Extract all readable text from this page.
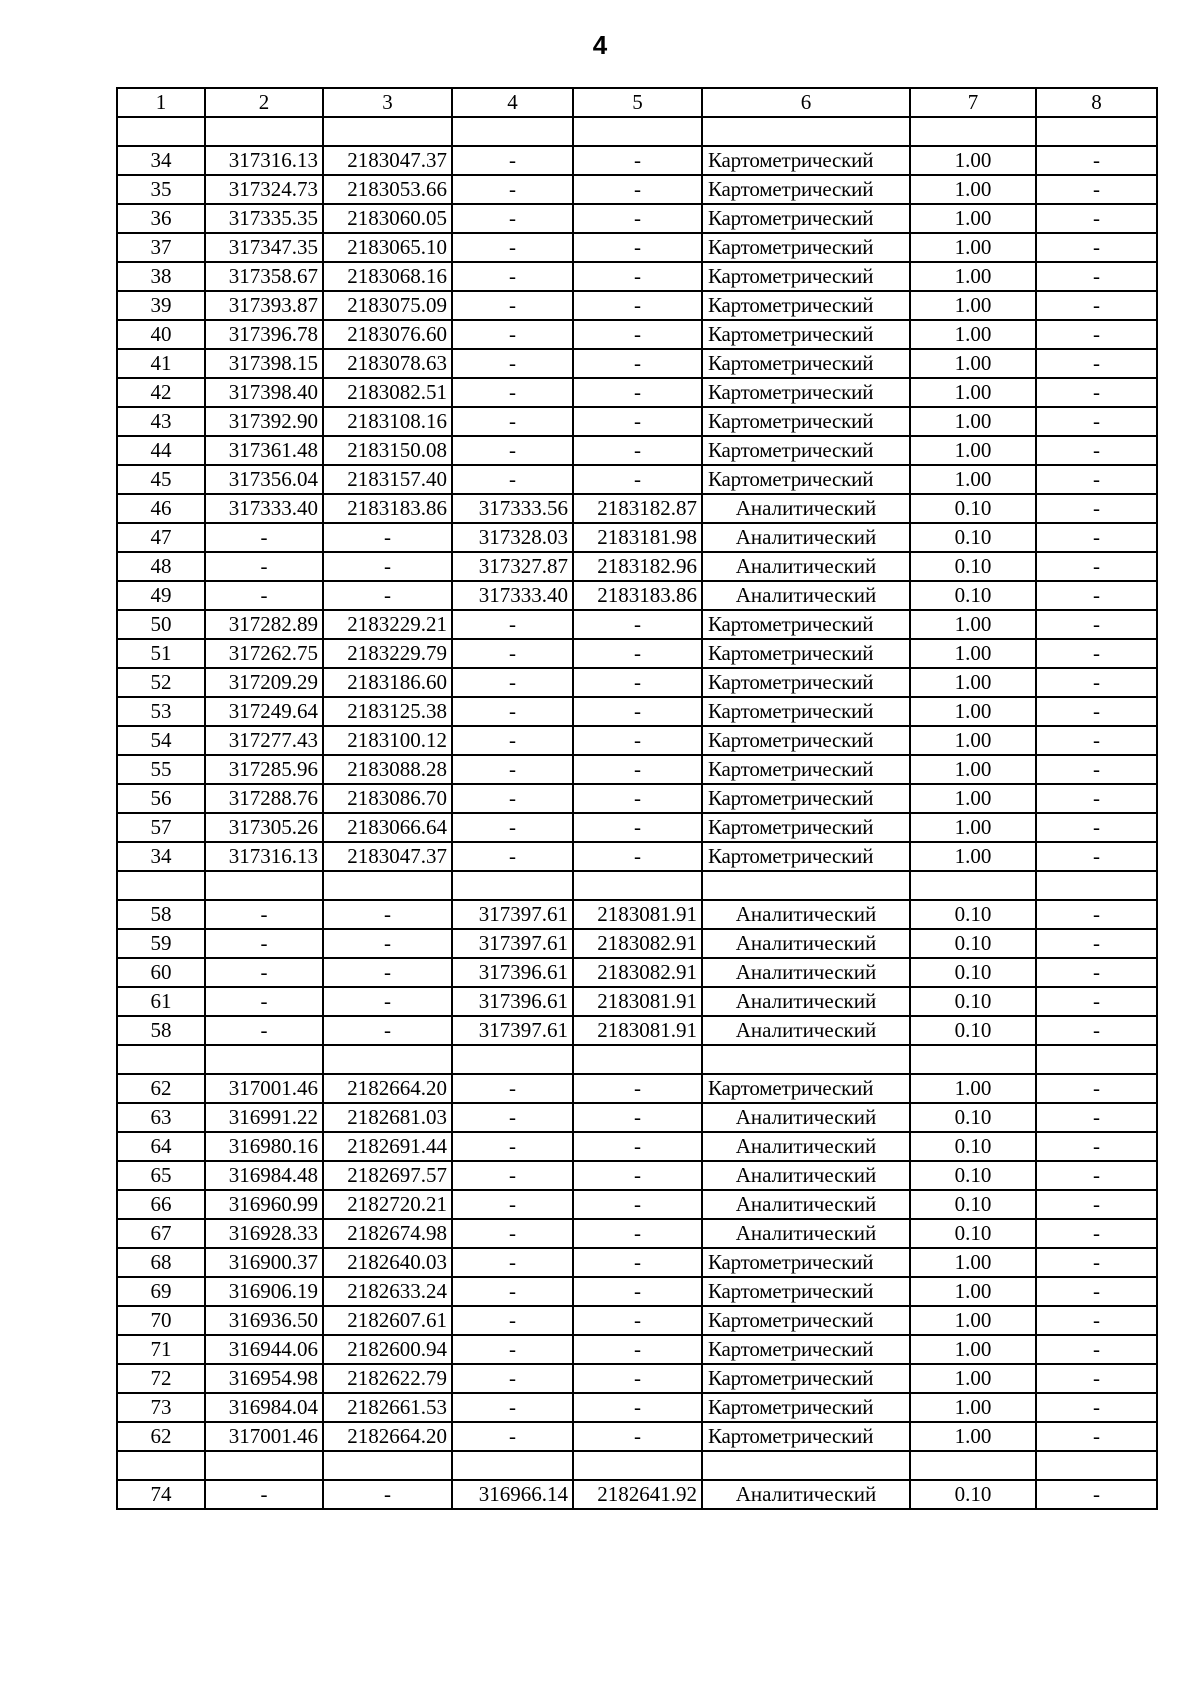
4
1	2	3	4	5	6	7	8

34	317316.13	2183047.37	-	-	Картометрический	1.00	-
35	317324.73	2183053.66	-	-	Картометрический	1.00	-
36	317335.35	2183060.05	-	-	Картометрический	1.00	-
37	317347.35	2183065.10	-	-	Картометрический	1.00	-
38	317358.67	2183068.16	-	-	Картометрический	1.00	-
39	317393.87	2183075.09	-	-	Картометрический	1.00	-
40	317396.78	2183076.60	-	-	Картометрический	1.00	-
41	317398.15	2183078.63	-	-	Картометрический	1.00	-
42	317398.40	2183082.51	-	-	Картометрический	1.00	-
43	317392.90	2183108.16	-	-	Картометрический	1.00	-
44	317361.48	2183150.08	-	-	Картометрический	1.00	-
45	317356.04	2183157.40	-	-	Картометрический	1.00	-
46	317333.40	2183183.86	317333.56	2183182.87	Аналитический	0.10	-
47	-	-	317328.03	2183181.98	Аналитический	0.10	-
48	-	-	317327.87	2183182.96	Аналитический	0.10	-
49	-	-	317333.40	2183183.86	Аналитический	0.10	-
50	317282.89	2183229.21	-	-	Картометрический	1.00	-
51	317262.75	2183229.79	-	-	Картометрический	1.00	-
52	317209.29	2183186.60	-	-	Картометрический	1.00	-
53	317249.64	2183125.38	-	-	Картометрический	1.00	-
54	317277.43	2183100.12	-	-	Картометрический	1.00	-
55	317285.96	2183088.28	-	-	Картометрический	1.00	-
56	317288.76	2183086.70	-	-	Картометрический	1.00	-
57	317305.26	2183066.64	-	-	Картометрический	1.00	-
34	317316.13	2183047.37	-	-	Картометрический	1.00	-

58	-	-	317397.61	2183081.91	Аналитический	0.10	-
59	-	-	317397.61	2183082.91	Аналитический	0.10	-
60	-	-	317396.61	2183082.91	Аналитический	0.10	-
61	-	-	317396.61	2183081.91	Аналитический	0.10	-
58	-	-	317397.61	2183081.91	Аналитический	0.10	-

62	317001.46	2182664.20	-	-	Картометрический	1.00	-
63	316991.22	2182681.03	-	-	Аналитический	0.10	-
64	316980.16	2182691.44	-	-	Аналитический	0.10	-
65	316984.48	2182697.57	-	-	Аналитический	0.10	-
66	316960.99	2182720.21	-	-	Аналитический	0.10	-
67	316928.33	2182674.98	-	-	Аналитический	0.10	-
68	316900.37	2182640.03	-	-	Картометрический	1.00	-
69	316906.19	2182633.24	-	-	Картометрический	1.00	-
70	316936.50	2182607.61	-	-	Картометрический	1.00	-
71	316944.06	2182600.94	-	-	Картометрический	1.00	-
72	316954.98	2182622.79	-	-	Картометрический	1.00	-
73	316984.04	2182661.53	-	-	Картометрический	1.00	-
62	317001.46	2182664.20	-	-	Картометрический	1.00	-

74	-	-	316966.14	2182641.92	Аналитический	0.10	-
